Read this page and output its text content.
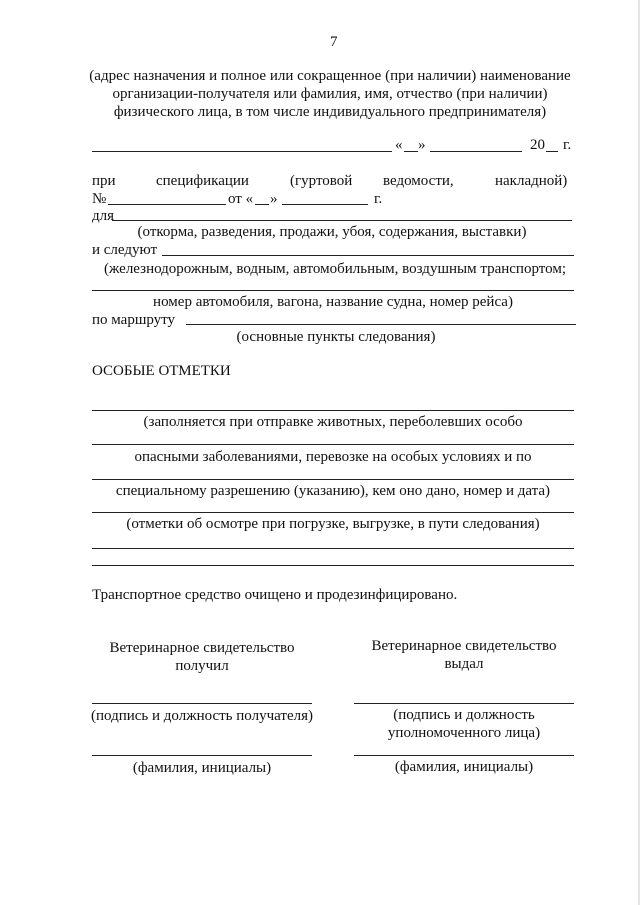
7
(адрес назначения и полное или сокращенное (при наличии) наименование
организации-получателя или фамилия, имя, отчество (при наличии)
физического лица, в том числе индивидуального предпринимателя)
« »	20 г.
при	спецификации	(гуртовой ведомости,	накладной)
№	от « »	г.
для
(откорма, разведения, продажи, убоя, содержания, выставки)
и следуют
(железнодорожным, водным, автомобильным, воздушным транспортом;
номер автомобиля, вагона, название судна, номер рейса)
по маршруту
(основные пункты следования)
ОСОБЫЕ ОТМЕТКИ
(заполняется при отправке животных, переболевших особо
опасными заболеваниями, перевозке на особых условиях и по
специальному разрешению (указанию), кем оно дано, номер и дата)
(отметки об осмотре при погрузке, выгрузке, в пути следования)
Транспортное средство очищено и продезинфицировано.
Ветеринарное свидетельство
получил
Ветеринарное свидетельство
выдал
(подпись и должность получателя)	(подпись и должность
уполномоченного лица)
(фамилия, инициалы)	(фамилия, инициалы)
